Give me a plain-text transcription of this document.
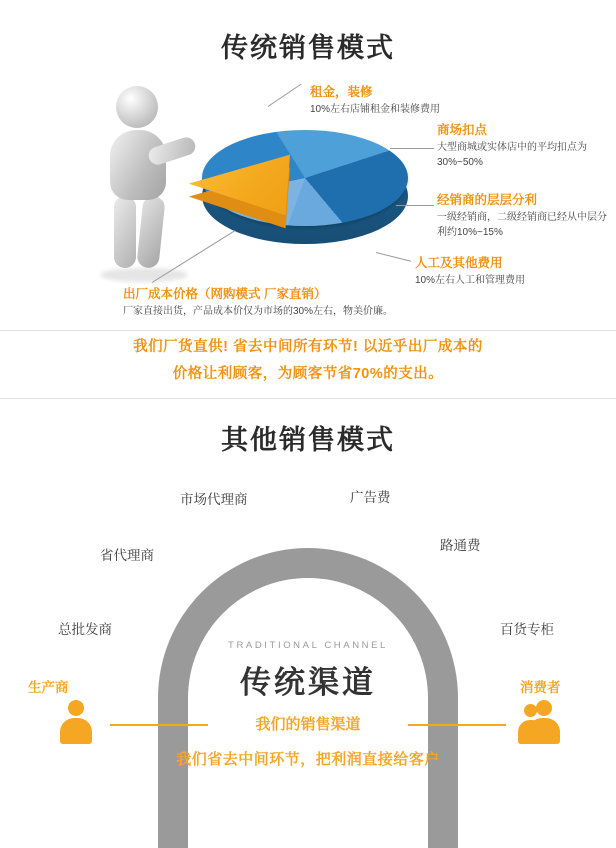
传统销售模式
租金，装修
10%左右店铺租金和装修费用
商场扣点
大型商城或实体店中的平均扣点为30%~50%
经销商的层层分利
一级经销商，二级经销商已经从中层分利约10%~15%
人工及其他费用
10%左右人工和管理费用
出厂成本价格（网购模式 厂家直销）
厂家直接出货，产品成本价仅为市场的30%左右，物美价廉。
我们厂货直供! 省去中间所有环节! 以近乎出厂成本的
价格让利顾客，为顾客节省70%的支出。
其他销售模式
TRADITIONAL CHANNEL
传统渠道
市场代理商	广告费
省代理商
路通费
总批发商	百货专柜
生产商	消费者
我们的销售渠道
我们省去中间环节，把利润直接给客户
